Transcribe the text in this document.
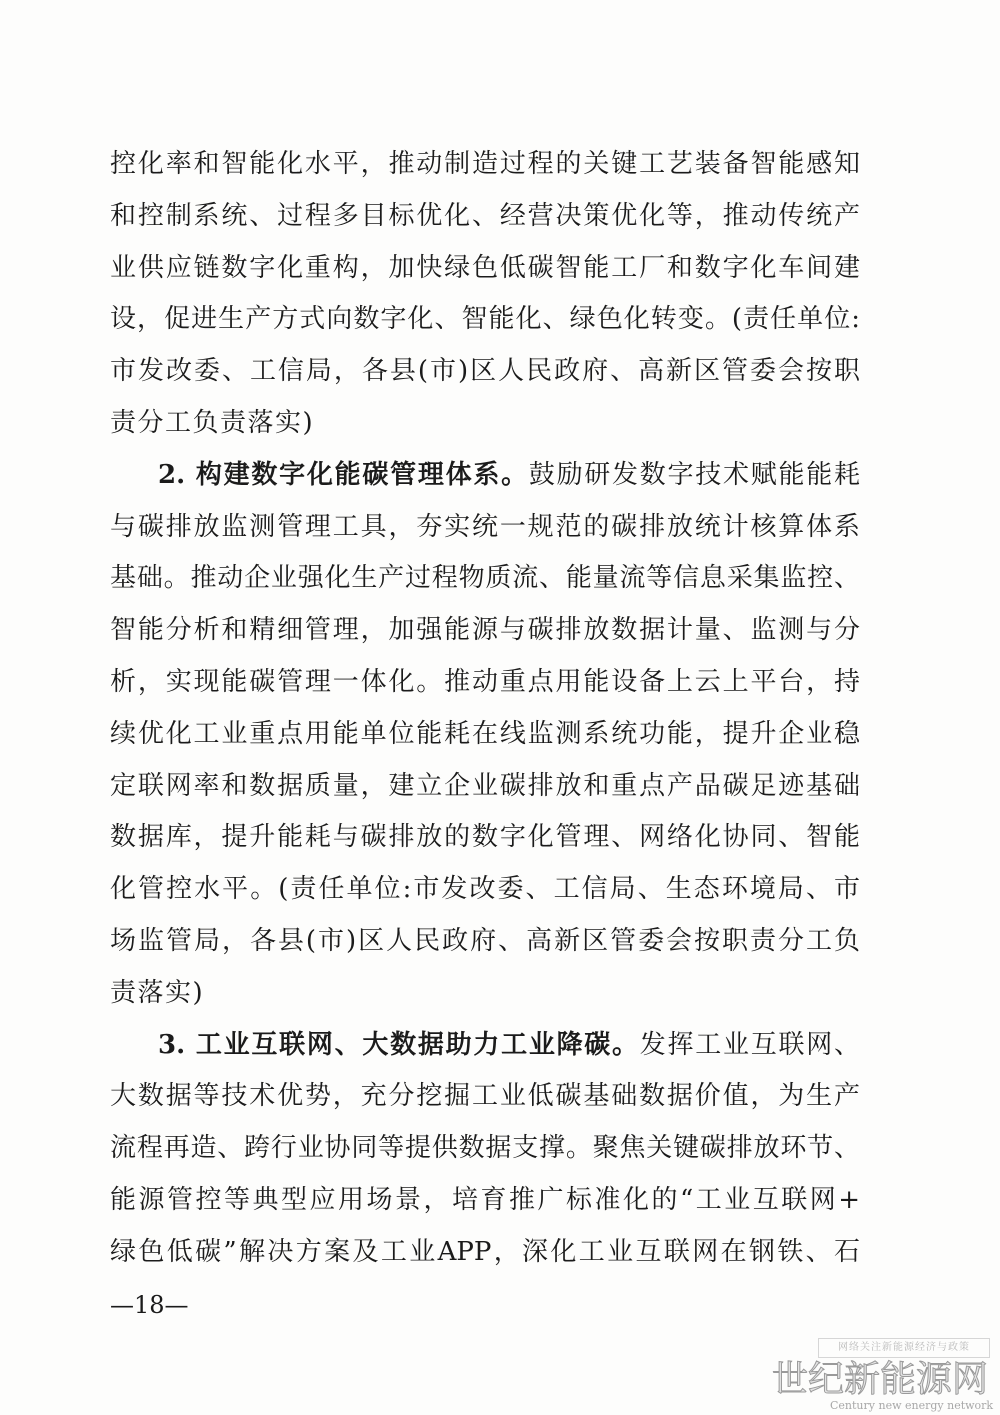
控化率和智能化水平，推动制造过程的关键工艺装备智能感知
和控制系统、过程多目标优化、经营决策优化等，推动传统产
业供应链数字化重构，加快绿色低碳智能工厂和数字化车间建
设，促进生产方式向数字化、智能化、绿色化转变。(责任单位:
市发改委、工信局，各县(市)区人民政府、高新区管委会按职
责分工负责落实)
2. 构建数字化能碳管理体系。鼓励研发数字技术赋能能耗
与碳排放监测管理工具，夯实统一规范的碳排放统计核算体系
基础。推动企业强化生产过程物质流、能量流等信息采集监控、
智能分析和精细管理，加强能源与碳排放数据计量、监测与分
析，实现能碳管理一体化。推动重点用能设备上云上平台，持
续优化工业重点用能单位能耗在线监测系统功能，提升企业稳
定联网率和数据质量，建立企业碳排放和重点产品碳足迹基础
数据库，提升能耗与碳排放的数字化管理、网络化协同、智能
化管控水平。(责任单位:市发改委、工信局、生态环境局、市
场监管局，各县(市)区人民政府、高新区管委会按职责分工负
责落实)
3. 工业互联网、大数据助力工业降碳。发挥工业互联网、
大数据等技术优势，充分挖掘工业低碳基础数据价值，为生产
流程再造、跨行业协同等提供数据支撑。聚焦关键碳排放环节、
能源管控等典型应用场景，培育推广标准化的“工业互联网+
绿色低碳”解决方案及工业APP，深化工业互联网在钢铁、石
—18—
网络关注新能源经济与政策
世纪新能源网
Century new energy network
